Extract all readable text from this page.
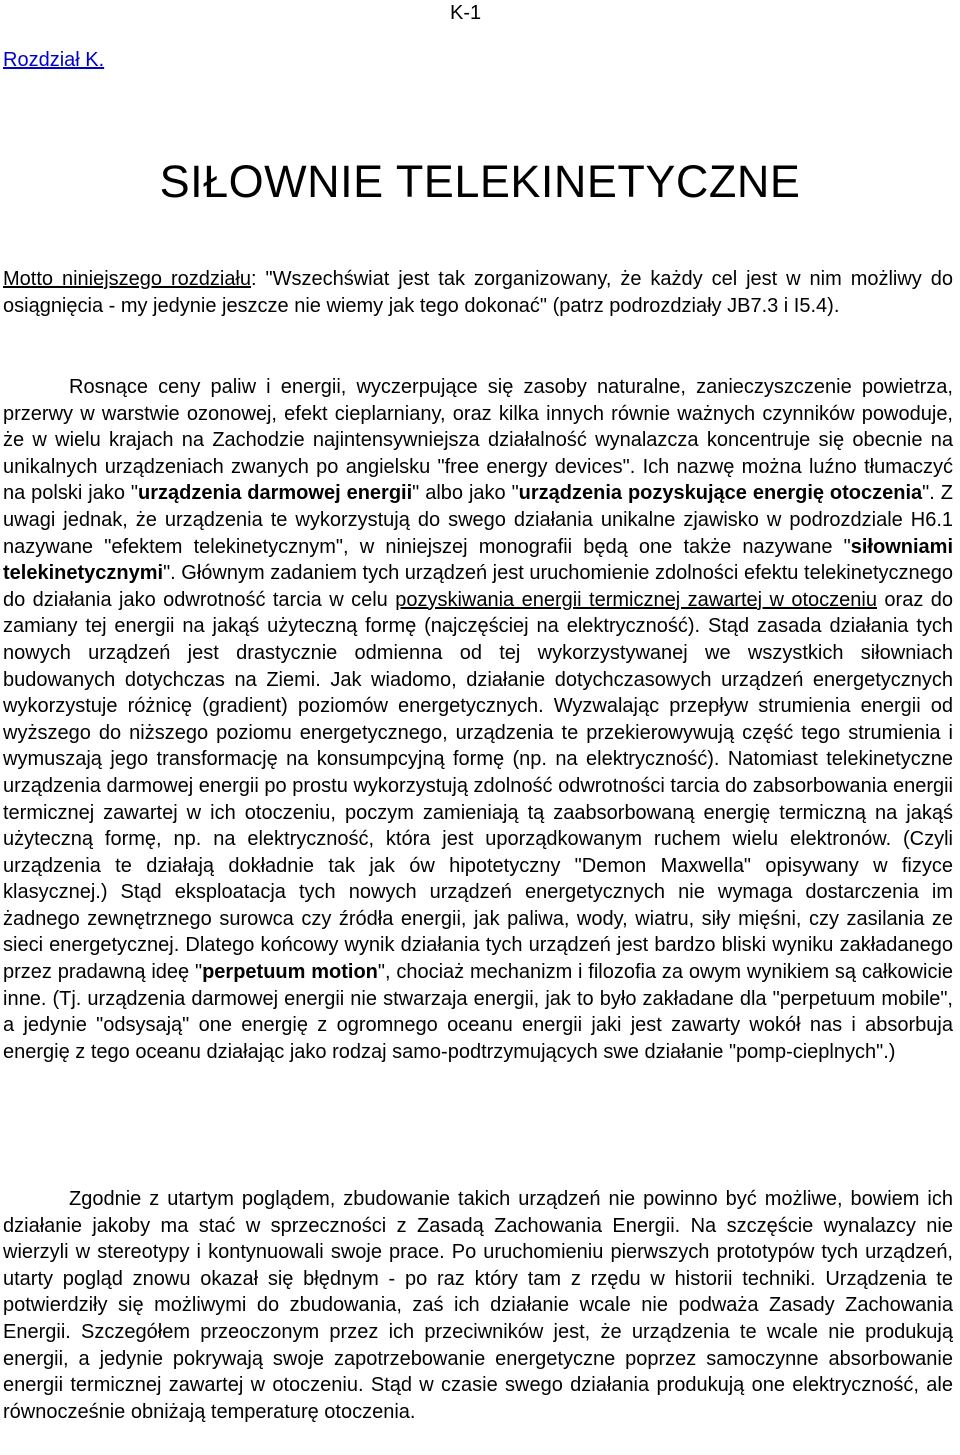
K-1
Rozdział K.
SIŁOWNIE TELEKINETYCZNE

Motto niniejszego rozdziału: "Wszechświat jest tak zorganizowany, że każdy cel jest w nim możliwy do osiągnięcia - my jedynie jeszcze nie wiemy jak tego dokonać" (patrz podrozdziały JB7.3 i I5.4).

Rosnące ceny paliw i energii, wyczerpujące się zasoby naturalne, zanieczyszczenie powietrza, przerwy w warstwie ozonowej, efekt cieplarniany, oraz kilka innych równie ważnych czynników powoduje, że w wielu krajach na Zachodzie najintensywniejsza działalność wynalazcza koncentruje się obecnie na unikalnych urządzeniach zwanych po angielsku "free energy devices". Ich nazwę można luźno tłumaczyć na polski jako "urządzenia darmowej energii" albo jako "urządzenia pozyskujące energię otoczenia". Z uwagi jednak, że urządzenia te wykorzystują do swego działania unikalne zjawisko w podrozdziale H6.1 nazywane "efektem telekinetycznym", w niniejszej monografii będą one także nazywane "siłowniami telekinetycznymi". Głównym zadaniem tych urządzeń jest uruchomienie zdolności efektu telekinetycznego do działania jako odwrotność tarcia w celu pozyskiwania energii termicznej zawartej w otoczeniu oraz do zamiany tej energii na jakąś użyteczną formę (najczęściej na elektryczność). Stąd zasada działania tych nowych urządzeń jest drastycznie odmienna od tej wykorzystywanej we wszystkich siłowniach budowanych dotychczas na Ziemi. Jak wiadomo, działanie dotychczasowych urządzeń energetycznych wykorzystuje różnicę (gradient) poziomów energetycznych. Wyzwalając przepływ strumienia energii od wyższego do niższego poziomu energetycznego, urządzenia te przekierowywują część tego strumienia i wymuszają jego transformację na konsumpcyjną formę (np. na elektryczność). Natomiast telekinetyczne urządzenia darmowej energii po prostu wykorzystują zdolność odwrotności tarcia do zabsorbowania energii termicznej zawartej w ich otoczeniu, poczym zamieniają tą zaabsorbowaną energię termiczną na jakąś użyteczną formę, np. na elektryczność, która jest uporządkowanym ruchem wielu elektronów. (Czyli urządzenia te działają dokładnie tak jak ów hipotetyczny "Demon Maxwella" opisywany w fizyce klasycznej.) Stąd eksploatacja tych nowych urządzeń energetycznych nie wymaga dostarczenia im żadnego zewnętrznego surowca czy źródła energii, jak paliwa, wody, wiatru, siły mięśni, czy zasilania ze sieci energetycznej. Dlatego końcowy wynik działania tych urządzeń jest bardzo bliski wyniku zakładanego przez pradawną ideę "perpetuum motion", chociaż mechanizm i filozofia za owym wynikiem są całkowicie inne. (Tj. urządzenia darmowej energii nie stwarzaja energii, jak to było zakładane dla "perpetuum mobile", a jedynie "odsysają" one energię z ogromnego oceanu energii jaki jest zawarty wokół nas i absorbuja energię z tego oceanu działając jako rodzaj samo-podtrzymujących swe działanie "pomp-cieplnych".)

Zgodnie z utartym poglądem, zbudowanie takich urządzeń nie powinno być możliwe, bowiem ich działanie jakoby ma stać w sprzeczności z Zasadą Zachowania Energii. Na szczęście wynalazcy nie wierzyli w stereotypy i kontynuowali swoje prace. Po uruchomieniu pierwszych prototypów tych urządzeń, utarty pogląd znowu okazał się błędnym - po raz który tam z rzędu w historii techniki. Urządzenia te potwierdziły się możliwymi do zbudowania, zaś ich działanie wcale nie podważa Zasady Zachowania Energii. Szczegółem przeoczonym przez ich przeciwników jest, że urządzenia te wcale nie produkują energii, a jedynie pokrywają swoje zapotrzebowanie energetyczne poprzez samoczynne absorbowanie energii termicznej zawartej w otoczeniu. Stąd w czasie swego działania produkują one elektryczność, ale równocześnie obniżają temperaturę otoczenia.
